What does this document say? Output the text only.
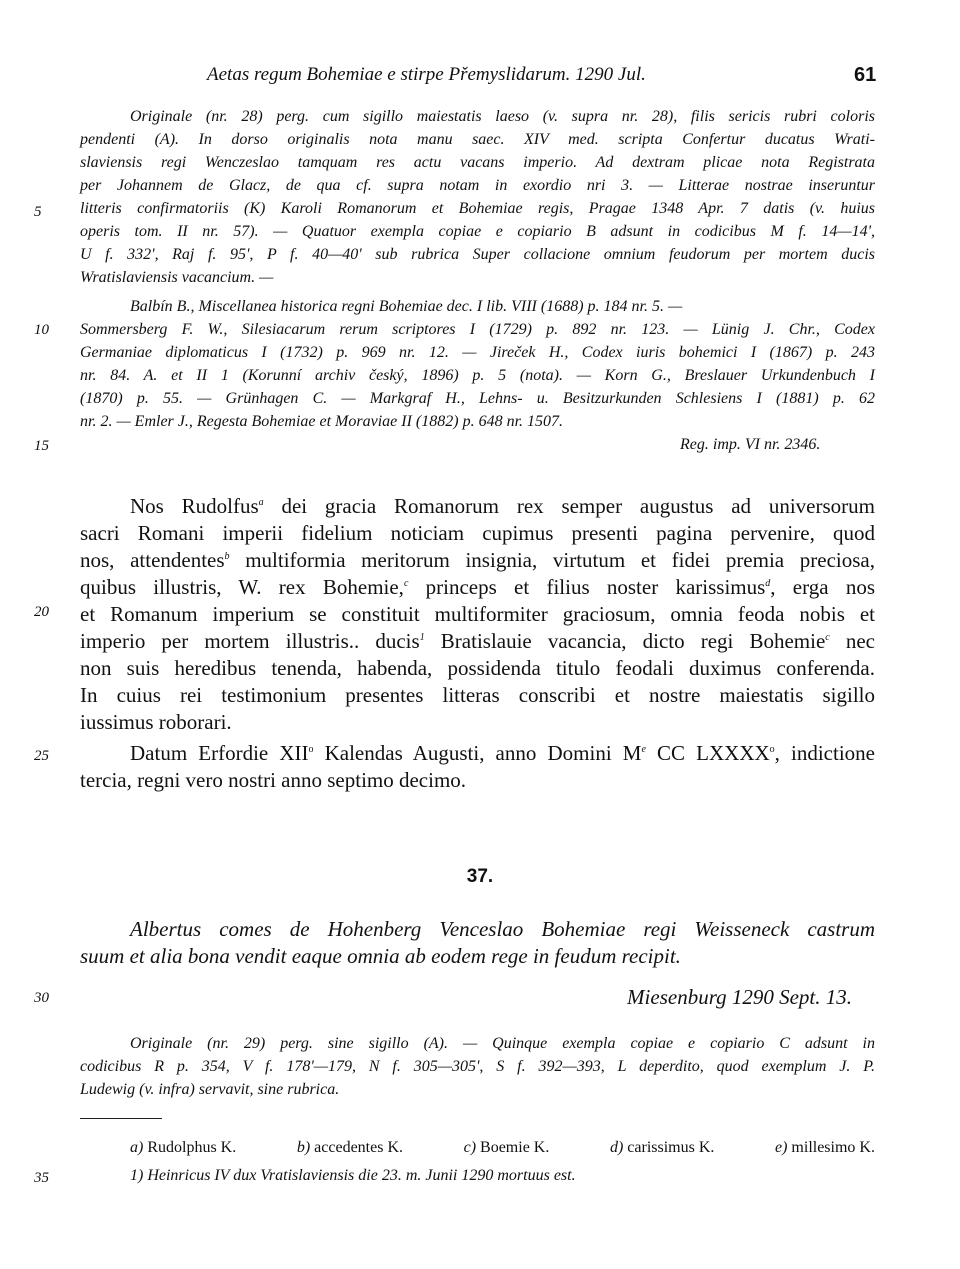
Aetas regum Bohemiae e stirpe Přemyslidarum. 1290 Jul.	61
5
10
15
20
25
30
35
Originale (nr. 28) perg. cum sigillo maiestatis laeso (v. supra nr. 28), filis sericis rubri coloris
pendenti (A). In dorso originalis nota manu saec. XIV med. scripta Confertur ducatus Wrati-
slaviensis regi Wenczeslao tamquam res actu vacans imperio. Ad dextram plicae nota Registrata
per Johannem de Glacz, de qua cf. supra notam in exordio nri 3. — Litterae nostrae inseruntur
litteris confirmatoriis (K) Karoli Romanorum et Bohemiae regis, Pragae 1348 Apr. 7 datis (v. huius
operis tom. II nr. 57). — Quatuor exempla copiae e copiario B adsunt in codicibus M f. 14—14',
U f. 332', Raj f. 95', P f. 40—40' sub rubrica Super collacione omnium feudorum per mortem ducis
Wratislaviensis vacancium. —
Balbín B., Miscellanea historica regni Bohemiae dec. I lib. VIII (1688) p. 184 nr. 5. —
Sommersberg F. W., Silesiacarum rerum scriptores I (1729) p. 892 nr. 123. — Lünig J. Chr., Codex
Germaniae diplomaticus I (1732) p. 969 nr. 12. — Jireček H., Codex iuris bohemici I (1867) p. 243
nr. 84. A. et II 1 (Korunní archiv český, 1896) p. 5 (nota). — Korn G., Breslauer Urkundenbuch I
(1870) p. 55. — Grünhagen C. — Markgraf H., Lehns- u. Besitzurkunden Schlesiens I (1881) p. 62
nr. 2. — Emler J., Regesta Bohemiae et Moraviae II (1882) p. 648 nr. 1507.
Reg. imp. VI nr. 2346.
Nos Rudolfus$^a$ dei gracia Romanorum rex semper augustus ad universorum
sacri Romani imperii fidelium noticiam cupimus presenti pagina pervenire, quod
nos, attendentes$^b$ multiformia meritorum insignia, virtutum et fidei premia preciosa,
quibus illustris, W. rex Bohemie,$^c$ princeps et filius noster karissimus$^d$, erga nos
et Romanum imperium se constituit multiformiter graciosum, omnia feoda nobis et
imperio per mortem illustris.. ducis$^1$ Bratislauie vacancia, dicto regi Bohemie$^c$ nec
non suis heredibus tenenda, habenda, possidenda titulo feodali duximus conferenda.
In cuius rei testimonium presentes litteras conscribi et nostre maiestatis sigillo
iussimus roborari.
Datum Erfordie XII$^o$ Kalendas Augusti, anno Domini Me CC LXXXX$^o$, indictione
tercia, regni vero nostri anno septimo decimo.
37.
Albertus comes de Hohenberg Venceslao Bohemiae regi Weisseneck castrum
suum et alia bona vendit eaque omnia ab eodem rege in feudum recipit.
Miesenburg 1290 Sept. 13.
Originale (nr. 29) perg. sine sigillo (A). — Quinque exempla copiae e copiario C adsunt in
codicibus R p. 354, V f. 178'—179, N f. 305—305', S f. 392—393, L deperdito, quod exemplum J. P.
Ludewig (v. infra) servavit, sine rubrica.
a) Rudolphus K.	b) accedentes K.	c) Boemie K.	d) carissimus K.	e) millesimo K.
1) Heinricus IV dux Vratislaviensis die 23. m. Junii 1290 mortuus est.
